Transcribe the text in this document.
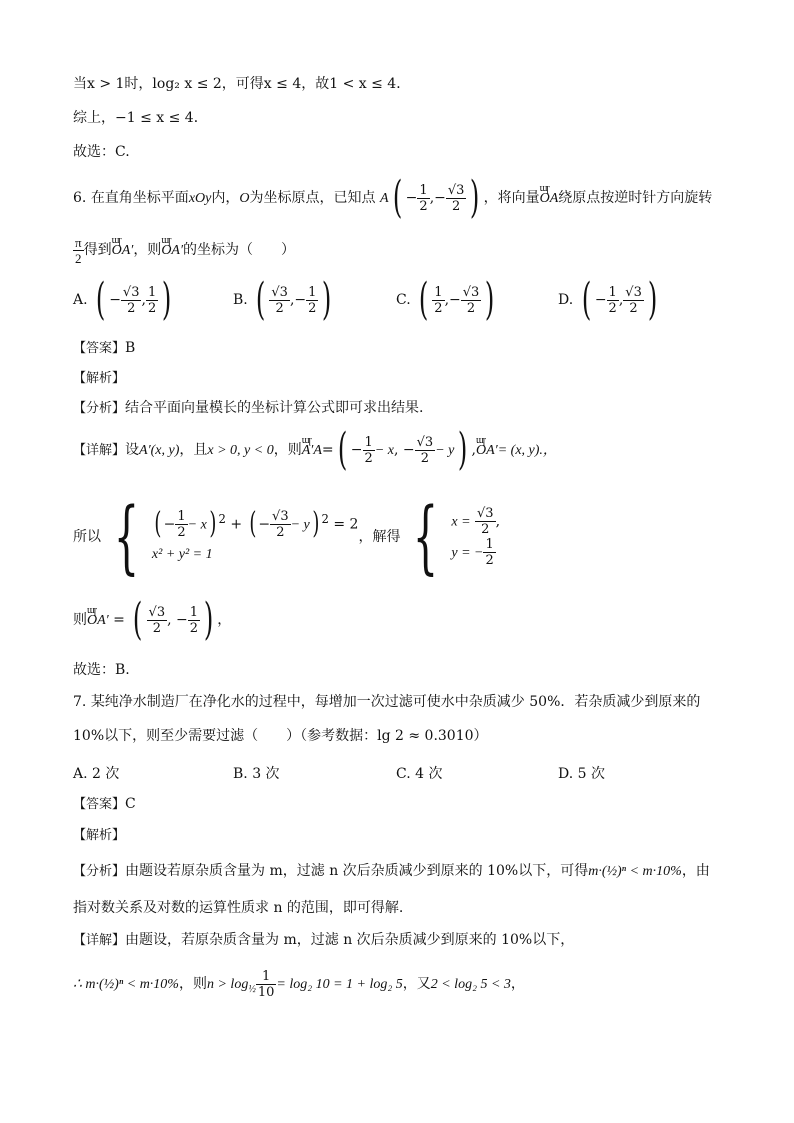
当x > 1时，log₂ x ≤ 2，可得x ≤ 4，故1 < x ≤ 4．
综上，−1 ≤ x ≤ 4．
故选：C.
6. 在直角坐标平面xOy内，O为坐标原点，已知点 $A( - \frac{1}{2}$ ,− $\frac{√3}{2}$ ) ，将向量ɯɼ OA绕原点按逆时针方向旋转
$\frac{\pi}{2}$ 得到ɯɼ OA′，则ɯɼ OA′的坐标为（　　）
A. ( − $\frac{√3}{2}$ , $\frac{1}{2}$ )	B. ( $\frac{√3}{2}$ ,− $\frac{1}{2}$ )	C. ( $\frac{1}{2}$ ,− $\frac{√3}{2}$ )	D. ( − $\frac{1}{2}$ , $\frac{√3}{2}$ )
【答案】B
【解析】
【分析】结合平面向量模长的坐标计算公式即可求出结果.
【详解】设A′(x, y)，且x > 0, y < 0，则ɯɼ $A'A=( - \frac{1}{2} - x$, − $\frac{√3}{2} - y$) ,ɯɼ OA′= (x, y).，
所以 { ( − $\frac{1}{2} - x$) $^2$ + ( − $\frac{√3}{2} - y$) $^2$ = 2
x² + y² = 1
，解得 { $x = \frac{√3}{2}$ ,
y = − $\frac{1}{2}$
则ɯɼ OA′ = ( $\frac{√3}{2}$ , − $\frac{1}{2}$ ) ，
故选：B.
7. 某纯净水制造厂在净化水的过程中，每增加一次过滤可使水中杂质减少 50%．若杂质减少到原来的
10%以下，则至少需要过滤（　　）（参考数据：lg 2 ≈ 0.3010）
A. 2 次	B. 3 次	C. 4 次	D. 5 次
【答案】C
【解析】
【分析】由题设若原杂质含量为 m，过滤 n 次后杂质减少到原来的 10%以下，可得m·(½)ⁿ < m·10%，由
指对数关系及对数的运算性质求 n 的范围，即可得解.
【详解】由题设，若原杂质含量为 m，过滤 n 次后杂质减少到原来的 10%以下，
∴ m·(½)ⁿ < m·10%，则$n > \log_{\frac{1}{2}} \frac{1}{10} = \log_2$ 10 = 1 + log₂ 5，又2 < log₂ 5 < 3，
